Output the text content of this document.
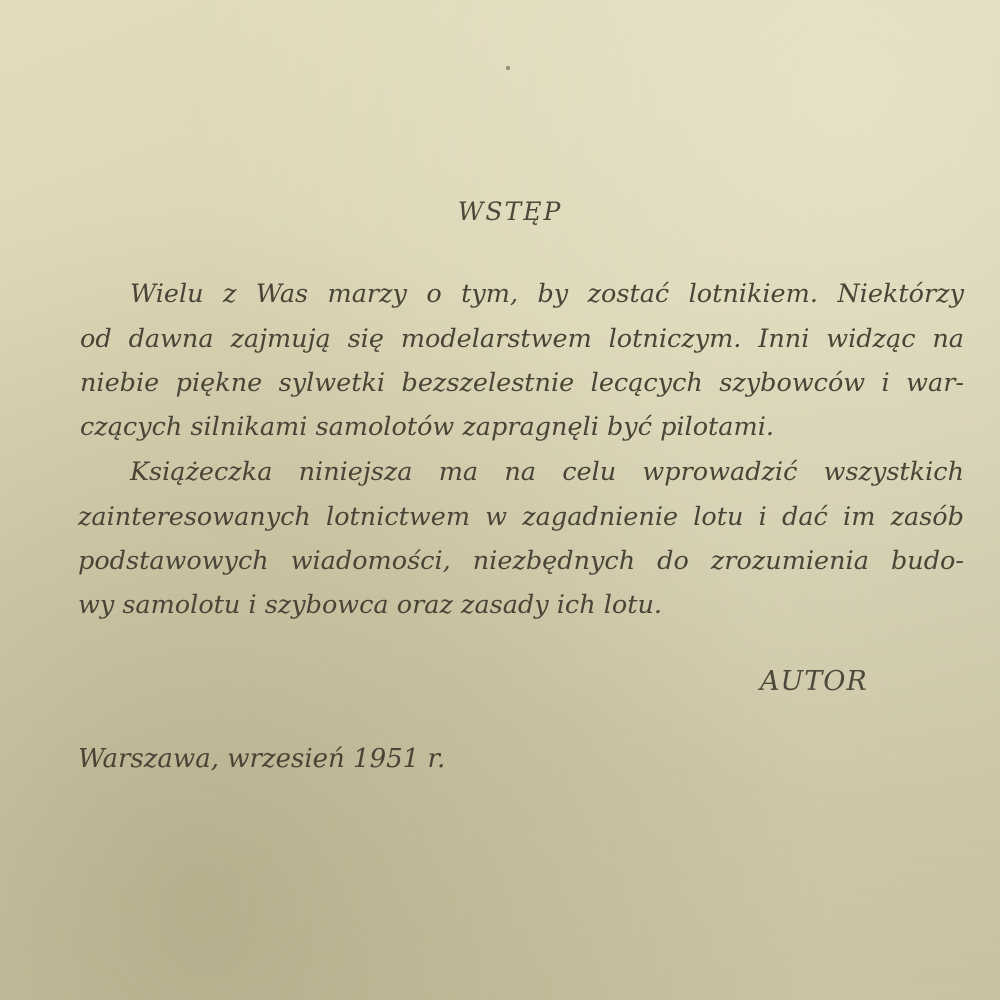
WSTĘP
Wielu z Was marzy o tym, by zostać lotnikiem. Niektórzy
od dawna zajmują się modelarstwem lotniczym. Inni widząc na
niebie piękne sylwetki bezszelestnie lecących szybowców i war-
czących silnikami samolotów zapragnęli być pilotami.
Książeczka niniejsza ma na celu wprowadzić wszystkich
zainteresowanych lotnictwem w zagadnienie lotu i dać im zasób
podstawowych wiadomości, niezbędnych do zrozumienia budo-
wy samolotu i szybowca oraz zasady ich lotu.
AUTOR
Warszawa, wrzesień 1951 r.
